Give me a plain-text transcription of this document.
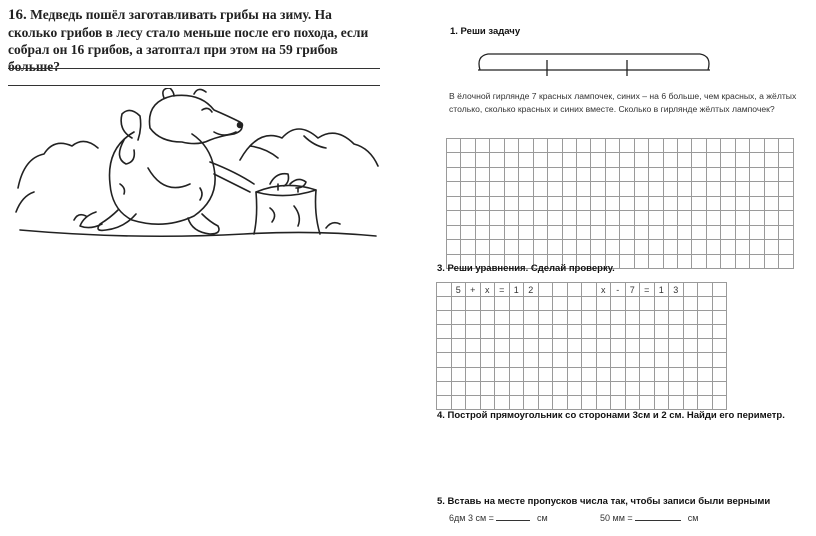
16. Медведь пошёл заготавливать грибы на зиму. На сколько грибов в лесу стало меньше после его похода, если собрал он 16 грибов, а затоптал при этом на 59 грибов больше?
1. Реши задачу
В ёлочной гирлянде 7 красных лампочек, синих – на 6 больше, чем красных, а жёлтых столько, сколько красных и синих вместе. Сколько в гирлянде жёлтых лампочек?

3. Реши уравнения. Сделай проверку.
	5	+	x	=	1	2					x	-	7	=	1	3			

4. Построй прямоугольник со сторонами 3см и 2 см. Найди его периметр.
5. Вставь на месте пропусков числа так, чтобы записи были верными
6дм 3 см =	см	50 мм =	см
